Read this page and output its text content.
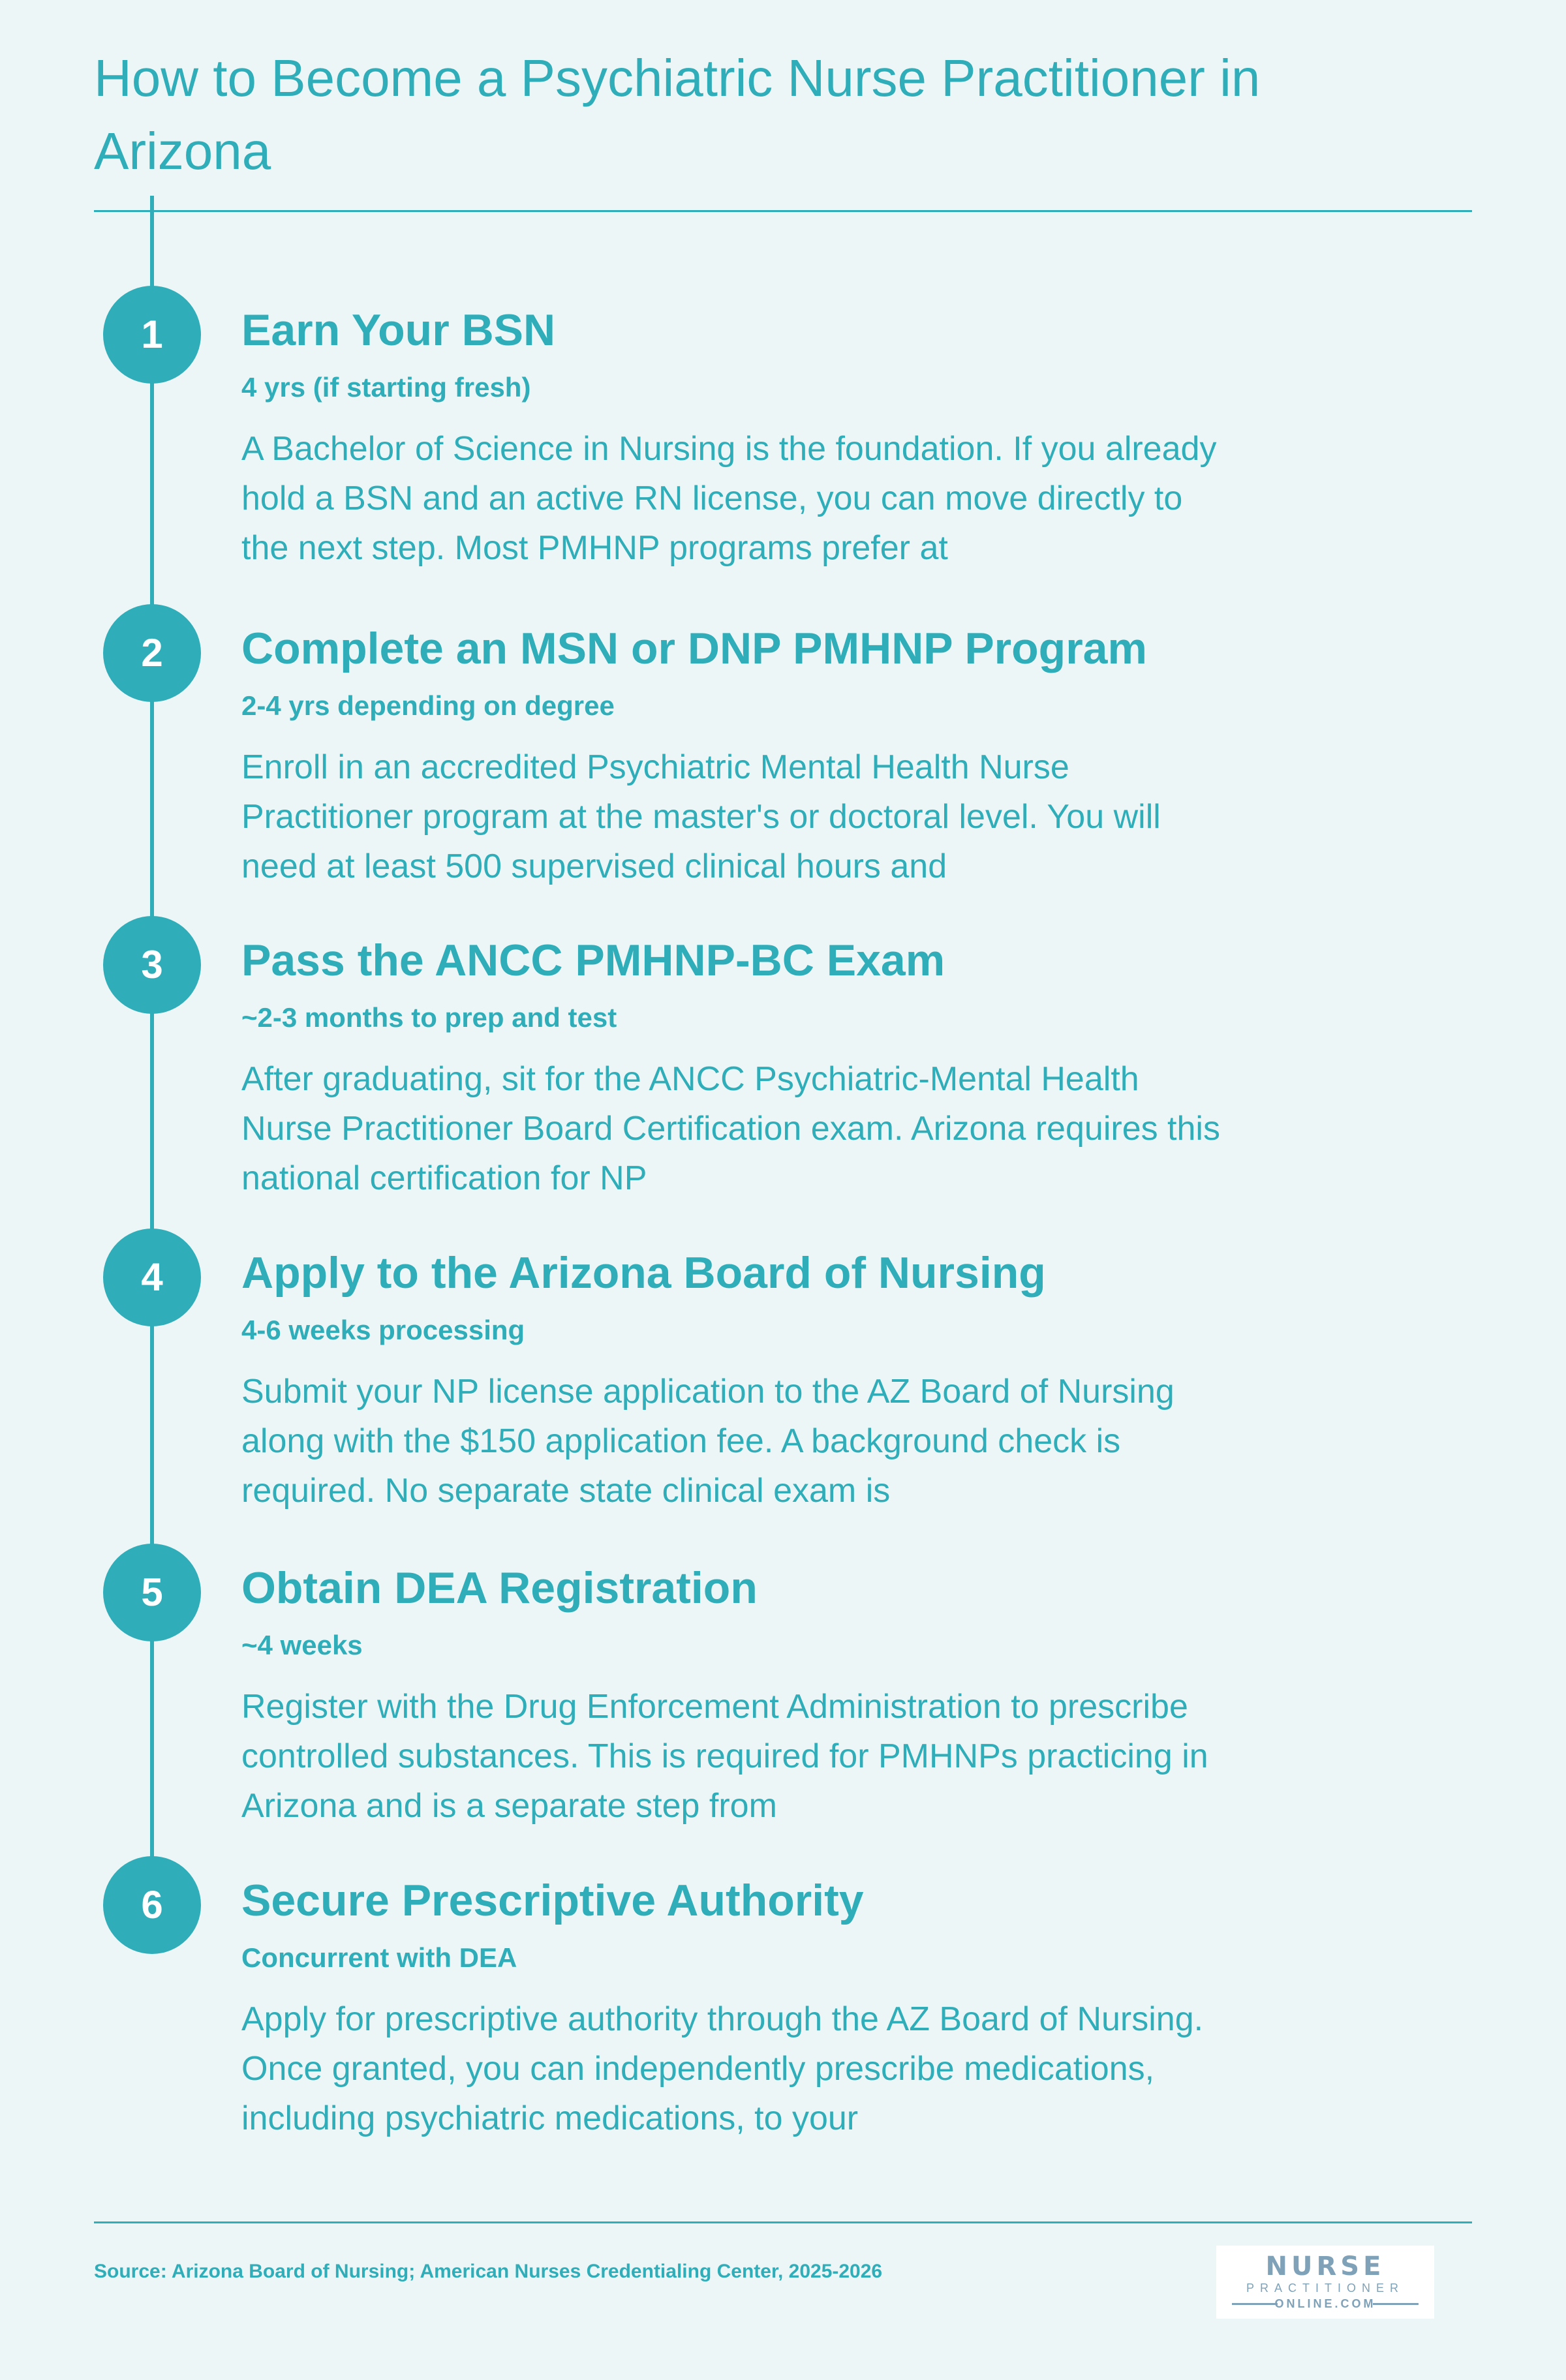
How to Become a Psychiatric Nurse Practitioner in Arizona
1	Earn Your BSN
4 yrs (if starting fresh)
A Bachelor of Science in Nursing is the foundation. If you already hold a BSN and an active RN license, you can move directly to the next step. Most PMHNP programs prefer at
2	Complete an MSN or DNP PMHNP Program
2-4 yrs depending on degree
Enroll in an accredited Psychiatric Mental Health Nurse Practitioner program at the master's or doctoral level. You will need at least 500 supervised clinical hours and
3	Pass the ANCC PMHNP-BC Exam
~2-3 months to prep and test
After graduating, sit for the ANCC Psychiatric-Mental Health Nurse Practitioner Board Certification exam. Arizona requires this national certification for NP
4	Apply to the Arizona Board of Nursing
4-6 weeks processing
Submit your NP license application to the AZ Board of Nursing along with the $150 application fee. A background check is required. No separate state clinical exam is
5	Obtain DEA Registration
~4 weeks
Register with the Drug Enforcement Administration to prescribe controlled substances. This is required for PMHNPs practicing in Arizona and is a separate step from
6	Secure Prescriptive Authority
Concurrent with DEA
Apply for prescriptive authority through the AZ Board of Nursing. Once granted, you can independently prescribe medications, including psychiatric medications, to your
Source: Arizona Board of Nursing; American Nurses Credentialing Center, 2025-2026	NURSE
PRACTITIONER
ONLINE.COM
